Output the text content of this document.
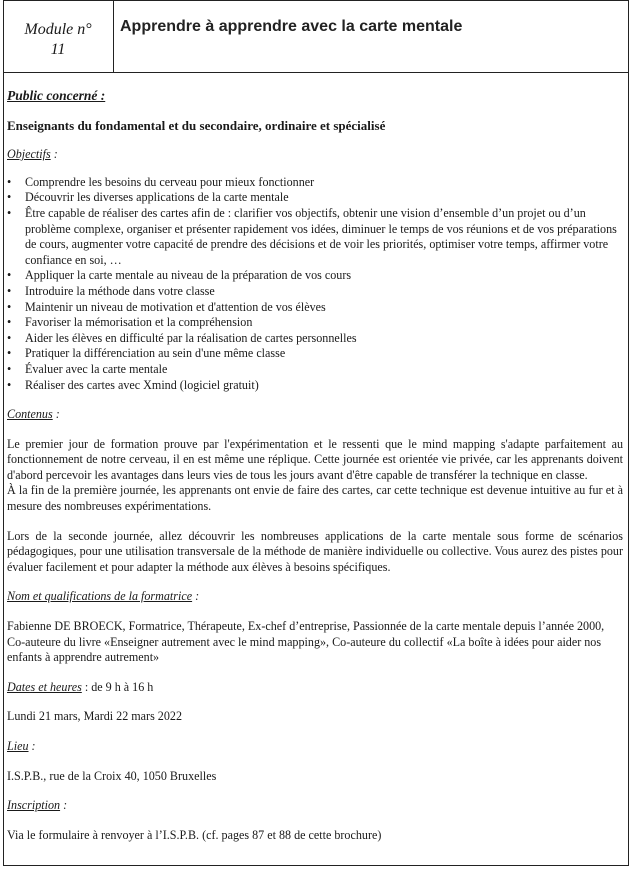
Module n°
11
Apprendre à apprendre avec la carte mentale
Public concerné :
Enseignants du fondamental et du secondaire, ordinaire et spécialisé
Objectifs :
• Comprendre les besoins du cerveau pour mieux fonctionner
• Découvrir les diverses applications de la carte mentale
• Être capable de réaliser des cartes afin de : clarifier vos objectifs, obtenir une vision d’ensemble d’un projet ou d’un problème complexe, organiser et présenter rapidement vos idées, diminuer le temps de vos réunions et de vos préparations de cours, augmenter votre capacité de prendre des décisions et de voir les priorités, optimiser votre temps, affirmer votre confiance en soi, …
• Appliquer la carte mentale au niveau de la préparation de vos cours
• Introduire la méthode dans votre classe
• Maintenir un niveau de motivation et d'attention de vos élèves
• Favoriser la mémorisation et la compréhension
• Aider les élèves en difficulté par la réalisation de cartes personnelles
• Pratiquer la différenciation au sein d'une même classe
• Évaluer avec la carte mentale
• Réaliser des cartes avec Xmind (logiciel gratuit)
Contenus :

Le premier jour de formation prouve par l'expérimentation et le ressenti que le mind mapping s'adapte parfaitement au fonctionnement de notre cerveau, il en est même une réplique. Cette journée est orientée vie privée, car les apprenants doivent d'abord percevoir les avantages dans leurs vies de tous les jours avant d'être capable de transférer la technique en classe.

À la fin de la première journée, les apprenants ont envie de faire des cartes, car cette technique est devenue intuitive au fur et à mesure des nombreuses expérimentations.

Lors de la seconde journée, allez découvrir les nombreuses applications de la carte mentale sous forme de scénarios pédagogiques, pour une utilisation transversale de la méthode de manière individuelle ou collective. Vous aurez des pistes pour évaluer facilement et pour adapter la méthode aux élèves à besoins spécifiques.

Nom et qualifications de la formatrice :

Fabienne DE BROECK, Formatrice, Thérapeute, Ex-chef d’entreprise, Passionnée de la carte mentale depuis l’année 2000, Co-auteure du livre «Enseigner autrement avec le mind mapping», Co-auteure du collectif «La boîte à idées pour aider nos enfants à apprendre autrement»

Dates et heures : de 9 h à 16 h

Lundi 21 mars, Mardi 22 mars 2022

Lieu :

I.S.P.B., rue de la Croix 40, 1050 Bruxelles

Inscription :

Via le formulaire à renvoyer à l’I.S.P.B. (cf. pages 87 et 88 de cette brochure)
